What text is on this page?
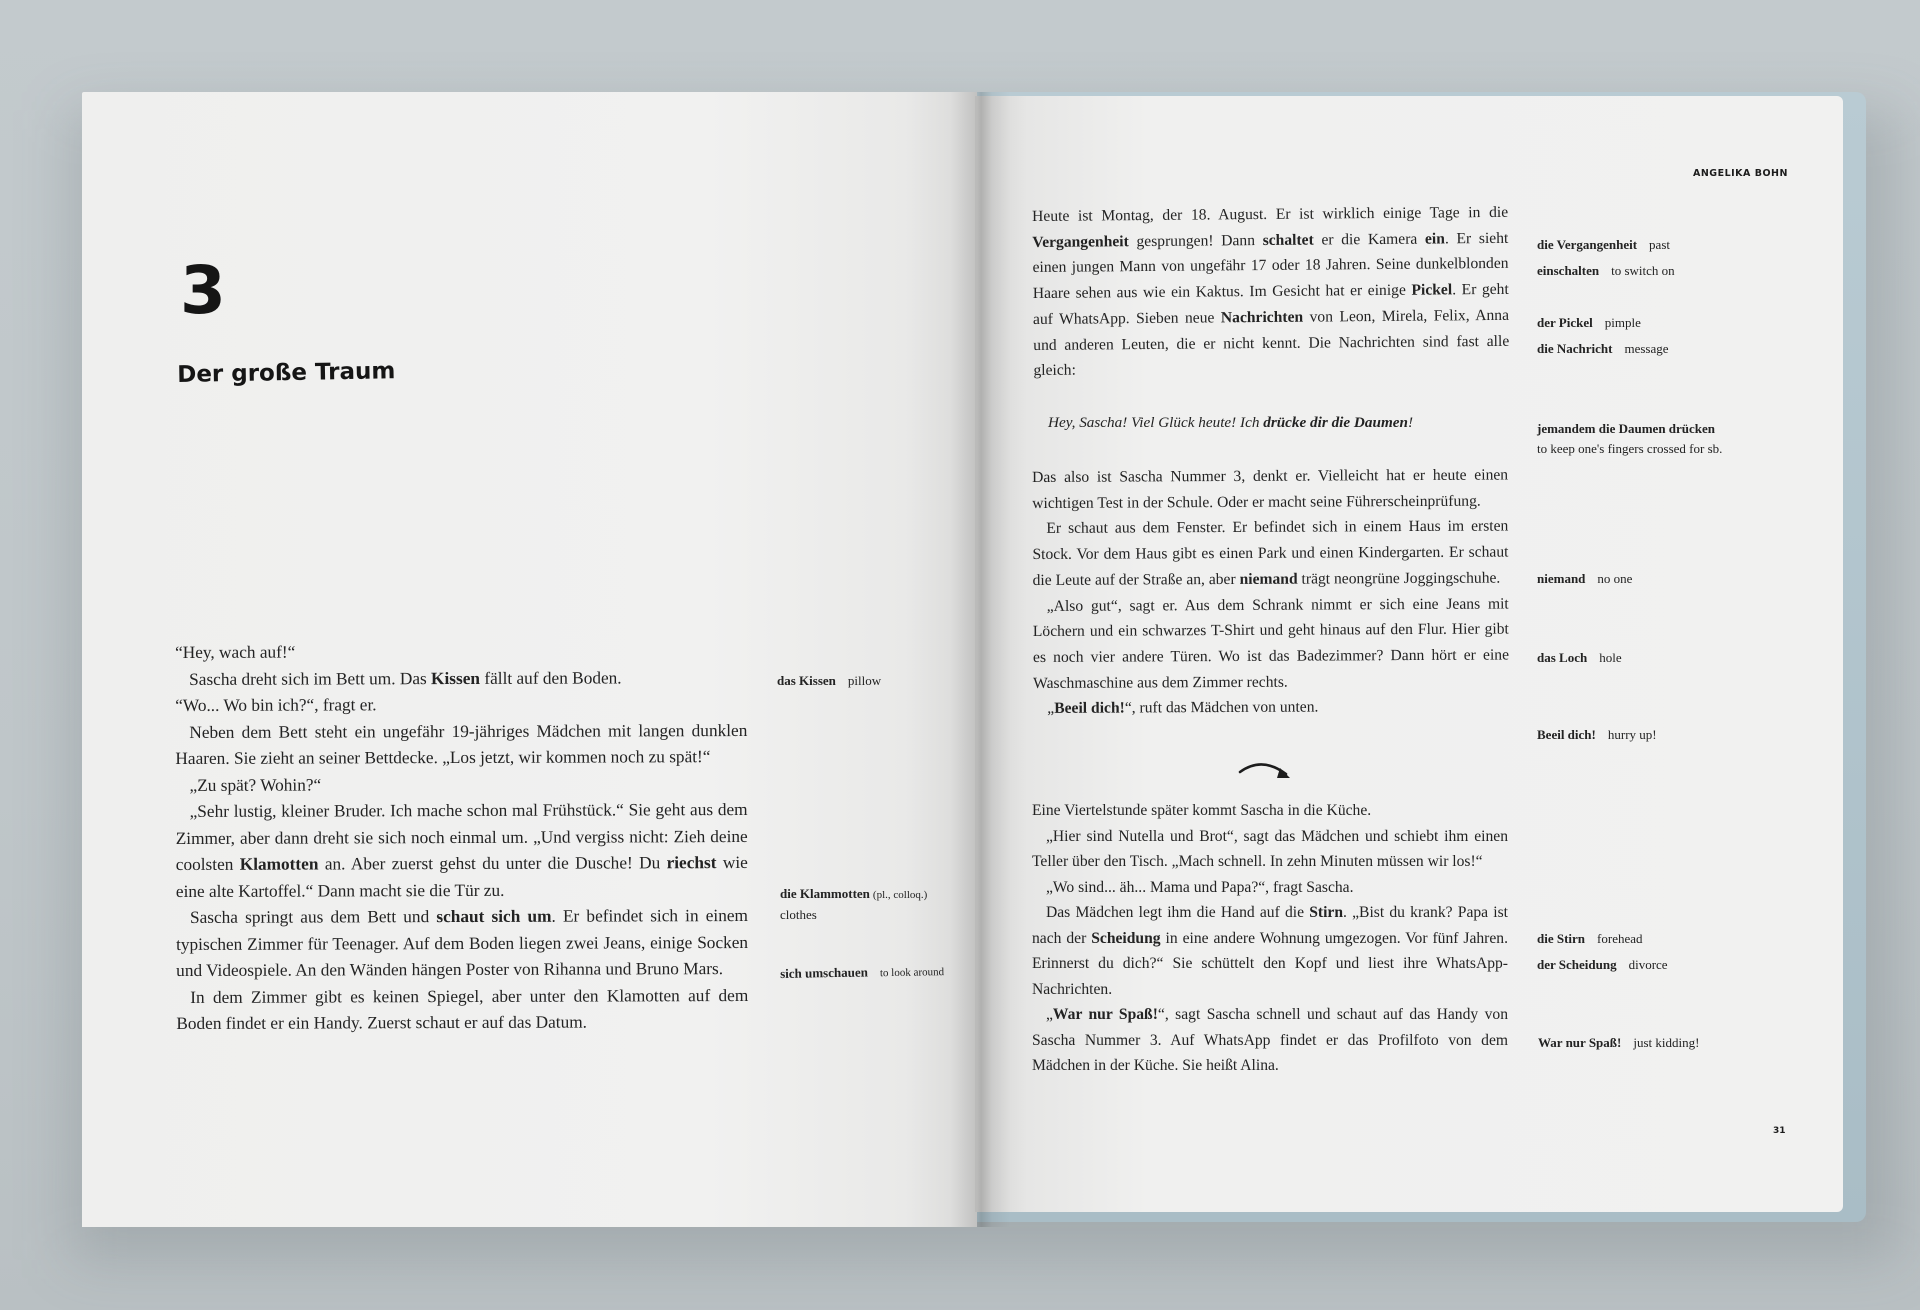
3
Der große Traum

“Hey, wach auf!“

Sascha dreht sich im Bett um. Das Kissen fällt auf den Boden.

“Wo... Wo bin ich?“, fragt er.

Neben dem Bett steht ein ungefähr 19-jähriges Mädchen mit langen dunklen Haaren. Sie zieht an seiner Bettdecke. „Los jetzt, wir kommen noch zu spät!“

„Zu spät? Wohin?“

„Sehr lustig, kleiner Bruder. Ich mache schon mal Frühstück.“ Sie geht aus dem Zimmer, aber dann dreht sie sich noch einmal um. „Und vergiss nicht: Zieh deine coolsten Klamotten an. Aber zuerst gehst du unter die Dusche! Du riechst wie eine alte Kartoffel.“ Dann macht sie die Tür zu.

Sascha springt aus dem Bett und schaut sich um. Er befindet sich in einem typischen Zimmer für Teenager. Auf dem Boden liegen zwei Jeans, einige Socken und Videospiele. An den Wänden hängen Poster von Rihanna und Bruno Mars.

In dem Zimmer gibt es keinen Spiegel, aber unter den Klamotten auf dem Boden findet er ein Handy. Zuerst schaut er auf das Datum.

das Kissen pillow
die Klammotten (pl., colloq.)
clothes
sich umschauen to look around
ANGELIKA BOHN

Heute ist Montag, der 18. August. Er ist wirklich einige Tage in die Vergangenheit gesprungen! Dann schaltet er die Kamera ein. Er sieht einen jungen Mann von ungefähr 17 oder 18 Jahren. Seine dunkelblonden Haare sehen aus wie ein Kaktus. Im Gesicht hat er einige Pickel. Er geht auf WhatsApp. Sieben neue Nachrichten von Leon, Mirela, Felix, Anna und anderen Leuten, die er nicht kennt. Die Nachrichten sind fast alle gleich:

Hey, Sascha! Viel Glück heute! Ich drücke dir die Daumen!

Das also ist Sascha Nummer 3, denkt er. Vielleicht hat er heute einen wichtigen Test in der Schule. Oder er macht seine Führerscheinprüfung.

Er schaut aus dem Fenster. Er befindet sich in einem Haus im ersten Stock. Vor dem Haus gibt es einen Park und einen Kindergarten. Er schaut die Leute auf der Straße an, aber niemand trägt neongrüne Joggingschuhe.

„Also gut“, sagt er. Aus dem Schrank nimmt er sich eine Jeans mit Löchern und ein schwarzes T-Shirt und geht hinaus auf den Flur. Hier gibt es noch vier andere Türen. Wo ist das Badezimmer? Dann hört er eine Waschmaschine aus dem Zimmer rechts.

„Beeil dich!“, ruft das Mädchen von unten.

Eine Viertelstunde später kommt Sascha in die Küche.

„Hier sind Nutella und Brot“, sagt das Mädchen und schiebt ihm einen Teller über den Tisch. „Mach schnell. In zehn Minuten müssen wir los!“

„Wo sind... äh... Mama und Papa?“, fragt Sascha.

Das Mädchen legt ihm die Hand auf die Stirn. „Bist du krank? Papa ist nach der Scheidung in eine andere Wohnung umgezogen. Vor fünf Jahren. Erinnerst du dich?“ Sie schüttelt den Kopf und liest ihre WhatsApp-Nachrichten.

„War nur Spaß!“, sagt Sascha schnell und schaut auf das Handy von Sascha Nummer 3. Auf WhatsApp findet er das Profilfoto von dem Mädchen in der Küche. Sie heißt Alina.

die Vergangenheit past
einschalten to switch on
der Pickel pimple
die Nachricht message
jemandem die Daumen drücken
to keep one's fingers crossed for sb.
niemand no one
das Loch hole
Beeil dich! hurry up!
die Stirn forehead
der Scheidung divorce
War nur Spaß! just kidding!
31
